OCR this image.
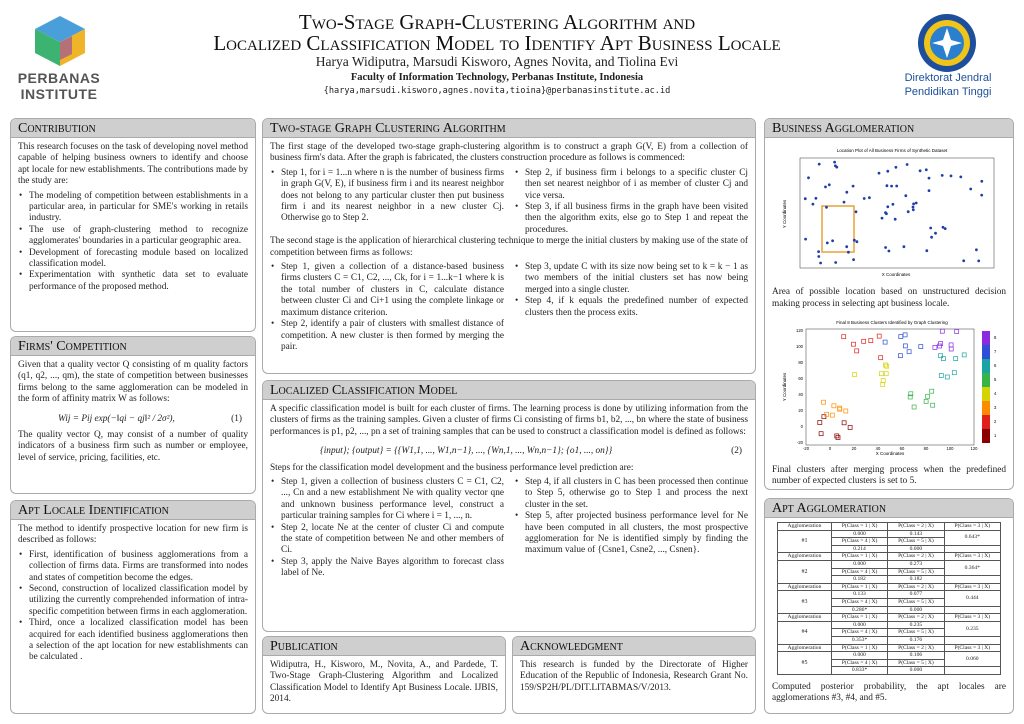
PERBANAS
INSTITUTE
Two-Stage Graph-Clustering Algorithm and
Localized Classification Model to Identify Apt Business Locale
Harya Widiputra, Marsudi Kisworo, Agnes Novita, and Tiolina Evi
Faculty of Information Technology, Perbanas Institute, Indonesia
{harya,marsudi.kisworo,agnes.novita,tioina}@perbanasinstitute.ac.id
Direktorat Jendral
Pendidikan Tinggi
Contribution

This research focuses on the task of developing novel method capable of helping business owners to identify and choose apt locale for new establishments. The contributions made by the study are:

• The modeling of competition between establishments in a particular area, in particular for SME's working in retails industry.
• The use of graph-clustering method to recognize agglomerates' boundaries in a particular geographic area.
• Development of forecasting module based on localized classification model.
• Experimentation with synthetic data set to evaluate performance of the proposed method.
Firms' Competition

Given that a quality vector Q consisting of m quality factors (q1, q2, ..., qm), the state of competition between businesses firms belong to the same agglomeration can be modeled in the form of affinity matrix W as follows:

Wij = Pij exp(−‖qi − qj‖² / 2σ²),	(1)

The quality vector Q, may consist of a number of quality indicators of a business firm such as number or employee, level of service, pricing, facilities, etc.

Apt Locale Identification

The method to identify prospective location for new firm is described as follows:

• First, identification of business agglomerations from a collection of firms data. Firms are transformed into nodes and states of competition become the edges.
• Second, construction of localized classification model by utilizing the currently comprehended information of intra-specific competition between firms in each agglomeration.
• Third, once a localized classification model has been acquired for each identified business agglomerations then a selection of the apt location for new establishments can be calculated .
Two-stage Graph Clustering Algorithm

The first stage of the developed two-stage graph-clustering algorithm is to construct a graph G(V, E) from a collection of business firm's data. After the graph is fabricated, the clusters construction procedure as follows is commenced:

• Step 1, for i = 1...n where n is the number of business firms in graph G(V, E), if business firm i and its nearest neighbor does not belong to any particular cluster then put business firm i and its nearest neighbor in a new cluster Cj. Otherwise go to Step 2.
• Step 2, if business firm i belongs to a specific cluster Cj then set nearest neighbor of i as member of cluster Cj and vice versa.
• Step 3, if all business firms in the graph have been visited then the algorithm exits, else go to Step 1 and repeat the procedures.

The second stage is the application of hierarchical clustering technique to merge the initial clusters by making use of the state of competition between firms as follows:

• Step 1, given a collection of a distance-based business firms clusters C = C1, C2, ..., Ck, for i = 1...k−1 where k is the total number of clusters in C, calculate distance between cluster Ci and Ci+1 using the complete linkage or maximum distance criterion.
• Step 2, identify a pair of clusters with smallest distance of competition. A new cluster is then formed by merging the pair.
• Step 3, update C with its size now being set to k = k − 1 as two members of the initial clusters set has now being merged into a single cluster.
• Step 4, if k equals the predefined number of expected clusters then the process exits.
Localized Classification Model

A specific classification model is built for each cluster of firms. The learning process is done by utilizing information from the clusters of firms as the training samples. Given a cluster of firms Ci consisting of firms b1, b2, ..., bn where the state of business performances is p1, p2, ..., pn a set of training samples that can be used to construct a classification model is defined as follows:

{input}; {output} = {{W1,1, ..., W1,n−1}, ..., {Wn,1, ..., Wn,n−1}; {o1, ..., on}}	(2)

Steps for the classification model development and the business performance level prediction are:

• Step 1, given a collection of business clusters C = C1, C2, ..., Cn and a new establishment Ne with quality vector qne and unknown business performance level, construct a particular training samples for Ci where i = 1, ..., n.
• Step 2, locate Ne at the center of cluster Ci and compute the state of competition between Ne and other members of Ci.
• Step 3, apply the Naive Bayes algorithm to forecast class label of Ne.
• Step 4, if all clusters in C has been processed then continue to Step 5, otherwise go to Step 1 and process the next cluster in the set.
• Step 5, after projected business performance level for Ne have been computed in all clusters, the most prospective agglomeration for Ne is identified simply by finding the maximum value of {Csne1, Csne2, ..., Csnen}.
Publication

Widiputra, H., Kisworo, M., Novita, A., and Pardede, T. Two-Stage Graph-Clustering Algorithm and Localized Classification Model to Identify Apt Business Locale. IJBIS, 2014.

Acknowledgment

This research is funded by the Directorate of Higher Education of the Republic of Indonesia, Research Grant No. 159/SP2H/PL/DIT.LITABMAS/V/2013.

Business Agglomeration
Location Plot of All Business Firms of Synthetic Dataset
X Coordinates
Y Coordinates

Area of possible location based on unstructured decision making process in selecting apt business locale.

Final 8 Business Clusters Identified by Graph Clustering
-20	0	20	40	60	80	100	120
120
100
80
60
40
20
0
-20
8
7
6
5
4
3
2
1
X Coordinates
Y Coordinates

Final clusters after merging process when the predefined number of expected clusters is set to 5.

Apt Agglomeration
Agglomeration	P(Class = 1 | X)	P(Class = 2 | X)	P(Class = 3 | X)
#1	0.000	0.143	0.643*
	P(Class = 4 | X)	P(Class = 5 | X)	
	0.214	0.000	
Agglomeration	P(Class = 1 | X)	P(Class = 2 | X)	P(Class = 3 | X)
#2	0.000	0.273	0.364*
	P(Class = 4 | X)	P(Class = 5 | X)	
	0.182	0.182	
Agglomeration	P(Class = 1 | X)	P(Class = 2 | X)	P(Class = 3 | X)
#3	0.133	0.077	0.444
	P(Class = 4 | X)	P(Class = 5 | X)	
	0.286*	0.000	
Agglomeration	P(Class = 1 | X)	P(Class = 2 | X)	P(Class = 3 | X)
#4	0.000	0.235	0.235
	P(Class = 4 | X)	P(Class = 5 | X)	
	0.353*	0.176	
Agglomeration	P(Class = 1 | X)	P(Class = 2 | X)	P(Class = 3 | X)
#5	0.000	0.106	0.060
	P(Class = 4 | X)	P(Class = 5 | X)	
	0.833*	0.000	

Computed posterior probability, the apt locales are agglomerations #3, #4, and #5.
